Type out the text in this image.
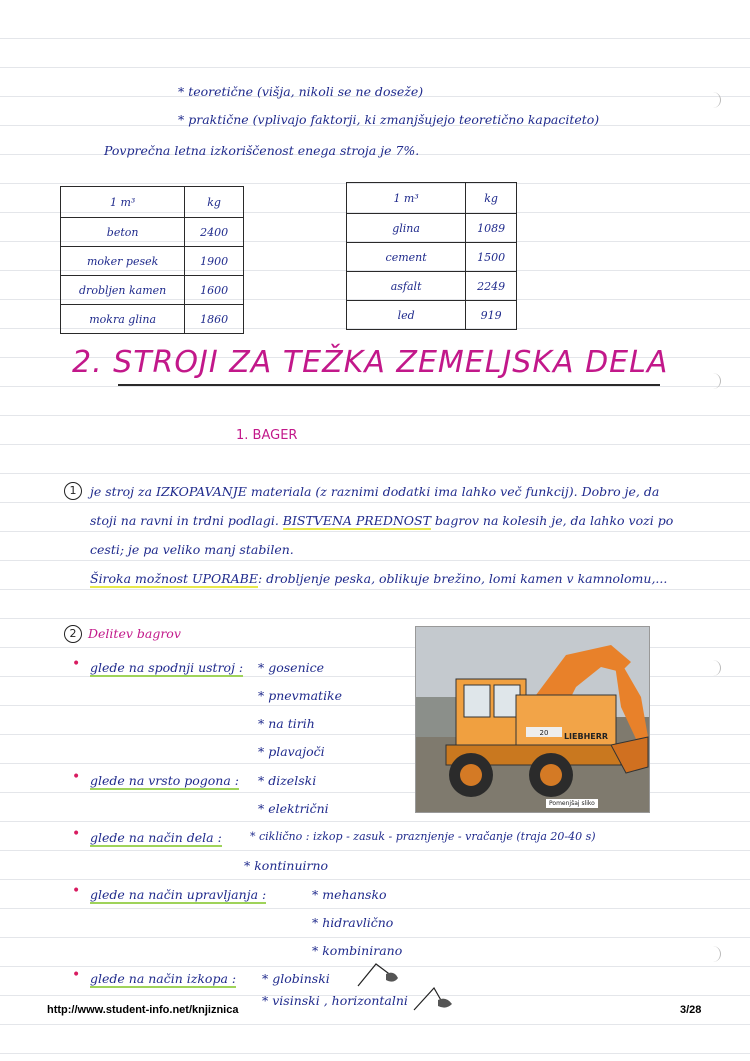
* teoretične (višja, nikoli se ne doseže)
* praktične (vplivajo faktorji, ki zmanjšujejo teoretično kapaciteto)
Povprečna letna izkoriščenost enega stroja je 7%.
1 m³	kg
beton	2400
moker pesek	1900
drobljen kamen	1600
mokra glina	1860
1 m³	kg
glina	1089
cement	1500
asfalt	2249
led	919
2. STROJI ZA TEŽKA ZEMELJSKA DELA
1. BAGER
1	je stroj za IZKOPAVANJE materiala (z raznimi dodatki ima lahko več funkcij). Dobro je, da
stoji na ravni in trdni podlagi. BISTVENA PREDNOST bagrov na kolesih je, da lahko vozi po
cesti; je pa veliko manj stabilen.
Široka možnost UPORABE: drobljenje peska, oblikuje brežino, lomi kamen v kamnolomu,...
2 Delitev bagrov
• glede na spodnji ustroj : * gosenice
* pnevmatike
* na tirih
* plavajoči
• glede na vrsto pogona : * dizelski
* električni
• glede na način dela :	* ciklično : izkop - zasuk - praznjenje - vračanje (traja 20-40 s)
* kontinuirno
• glede na način upravljanja :	* mehansko
* hidravlično
* kombinirano
• glede na način izkopa : * globinski
* visinski , horizontalni
20 LIEBHERR
Pomenjšaj sliko
http://www.student-info.net/knjiznica	3/28
